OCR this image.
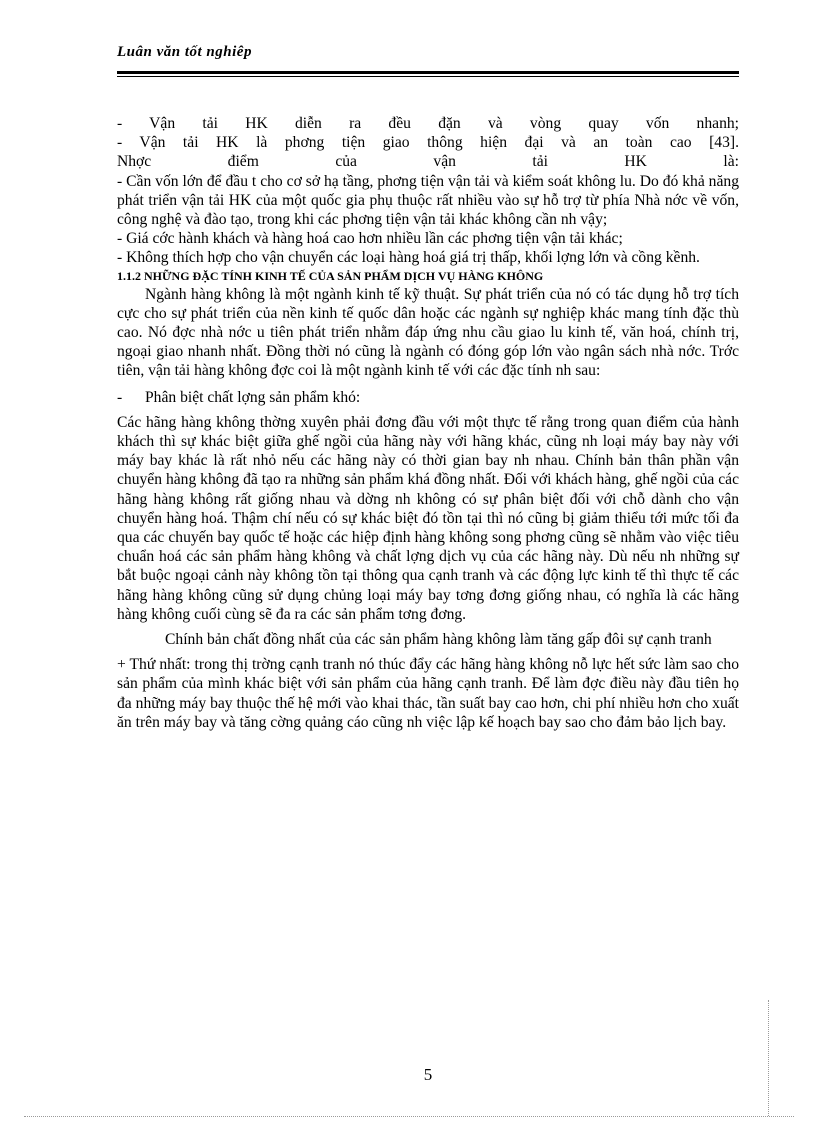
Luân văn tốt nghiêp

- Vận tải HK diễn ra đều đặn và vòng quay vốn nhanh;

- Vận tải HK là phơng tiện giao thông hiện đại và an toàn cao [43].

Nhợc điểm của vận tải HK là:

- Cần vốn lớn để đầu t cho cơ sở hạ tầng, phơng tiện vận tải và kiểm soát không lu. Do đó khả năng phát triển vận tải HK của một quốc gia phụ thuộc rất nhiều vào sự hỗ trợ từ phía Nhà nớc về vốn, công nghệ và đào tạo, trong khi các phơng tiện vận tải khác không cần nh vậy;

- Giá cớc hành khách và hàng hoá cao hơn nhiều lần các phơng tiện vận tải khác;

- Không thích hợp cho vận chuyển các loại hàng hoá giá trị thấp, khối lợng lớn và cồng kềnh.

1.1.2 NHỮNG ĐẶC TÍNH KINH TẾ CỦA SẢN PHẨM DỊCH VỤ HÀNG KHÔNG

Ngành hàng không là một ngành kinh tế kỹ thuật. Sự phát triển của nó có tác dụng hỗ trợ tích cực cho sự phát triển của nền kinh tế quốc dân hoặc các ngành sự nghiệp khác mang tính đặc thù cao. Nó đợc nhà nớc u tiên phát triển nhằm đáp ứng nhu cầu giao lu kinh tế, văn hoá, chính trị, ngoại giao nhanh nhất. Đồng thời nó cũng là ngành có đóng góp lớn vào ngân sách nhà nớc. Trớc tiên, vận tải hàng không đợc coi là một ngành kinh tế với các đặc tính nh sau:

-	Phân biệt chất lợng sản phẩm khó:

Các hãng hàng không thờng xuyên phải đơng đầu với một thực tế rằng trong quan điểm của hành khách thì sự khác biệt giữa ghế ngồi của hãng này với hãng khác, cũng nh loại máy bay này với máy bay khác là rất nhỏ nếu các hãng này có thời gian bay nh nhau. Chính bản thân phần vận chuyển hàng không đã tạo ra những sản phẩm khá đồng nhất. Đối với khách hàng, ghế ngồi của các hãng hàng không rất giống nhau và dờng nh không có sự phân biệt đối với chỗ dành cho vận chuyển hàng hoá. Thậm chí nếu có sự khác biệt đó tồn tại thì nó cũng bị giảm thiểu tới mức tối đa qua các chuyến bay quốc tế hoặc các hiệp định hàng không song phơng cũng sẽ nhằm vào việc tiêu chuẩn hoá các sản phẩm hàng không và chất lợng dịch vụ của các hãng này. Dù nếu nh những sự bắt buộc ngoại cảnh này không tồn tại thông qua cạnh tranh và các động lực kinh tế thì thực tế các hãng hàng không cũng sử dụng chủng loại máy bay tơng đơng giống nhau, có nghĩa là các hãng hàng không cuối cùng sẽ đa ra các sản phẩm tơng đơng.

Chính bản chất đồng nhất của các sản phẩm hàng không làm tăng gấp đôi sự cạnh tranh

+ Thứ nhất: trong thị trờng cạnh tranh nó thúc đẩy các hãng hàng không nỗ lực hết sức làm sao cho sản phẩm của mình khác biệt với sản phẩm của hãng cạnh tranh. Để làm đợc điều này đầu tiên họ đa những máy bay thuộc thế hệ mới vào khai thác, tần suất bay cao hơn, chi phí nhiều hơn cho xuất ăn trên máy bay và tăng cờng quảng cáo cũng nh việc lập kế hoạch bay sao cho đảm bảo lịch bay.

5
